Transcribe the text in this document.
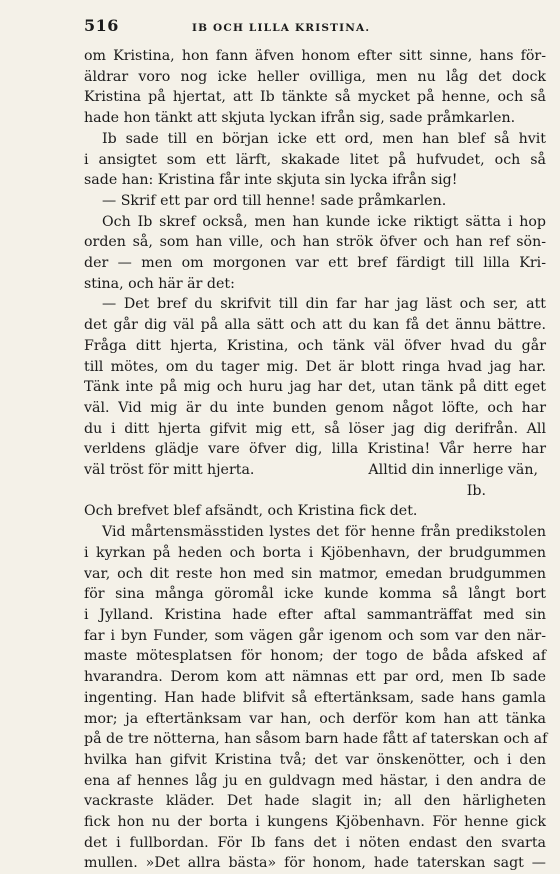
516	IB OCH LILLA KRISTINA.
om Kristina, hon fann äfven honom efter sitt sinne, hans för-
äldrar voro nog icke heller ovilliga, men nu låg det dock
Kristina på hjertat, att Ib tänkte så mycket på henne, och så
hade hon tänkt att skjuta lyckan ifrån sig, sade pråmkarlen.
Ib sade till en början icke ett ord, men han blef så hvit
i ansigtet som ett lärft, skakade litet på hufvudet, och så
sade han: Kristina får inte skjuta sin lycka ifrån sig!
— Skrif ett par ord till henne! sade pråmkarlen.
Och Ib skref också, men han kunde icke riktigt sätta i hop
orden så, som han ville, och han strök öfver och han ref sön-
der — men om morgonen var ett bref färdigt till lilla Kri-
stina, och här är det:
— Det bref du skrifvit till din far har jag läst och ser, att
det går dig väl på alla sätt och att du kan få det ännu bättre.
Fråga ditt hjerta, Kristina, och tänk väl öfver hvad du går
till mötes, om du tager mig. Det är blott ringa hvad jag har.
Tänk inte på mig och huru jag har det, utan tänk på ditt eget
väl. Vid mig är du inte bunden genom något löfte, och har
du i ditt hjerta gifvit mig ett, så löser jag dig derifrån. All
verldens glädje vare öfver dig, lilla Kristina! Vår herre har
väl tröst för mitt hjerta.	Alltid din innerlige vän,
Ib.
Och brefvet blef afsändt, och Kristina fick det.
Vid mårtensmässtiden lystes det för henne från predikstolen
i kyrkan på heden och borta i Kjöbenhavn, der brudgummen
var, och dit reste hon med sin matmor, emedan brudgummen
för sina många göromål icke kunde komma så långt bort
i Jylland. Kristina hade efter aftal sammanträffat med sin
far i byn Funder, som vägen går igenom och som var den när-
maste mötesplatsen för honom; der togo de båda afsked af
hvarandra. Derom kom att nämnas ett par ord, men Ib sade
ingenting. Han hade blifvit så eftertänksam, sade hans gamla
mor; ja eftertänksam var han, och derför kom han att tänka
på de tre nötterna, han såsom barn hade fått af taterskan och af
hvilka han gifvit Kristina två; det var önskenötter, och i den
ena af hennes låg ju en guldvagn med hästar, i den andra de
vackraste kläder. Det hade slagit in; all den härligheten
fick hon nu der borta i kungens Kjöbenhavn. För henne gick
det i fullbordan. För Ib fans det i nöten endast den svarta
mullen. »Det allra bästa» för honom, hade taterskan sagt —
